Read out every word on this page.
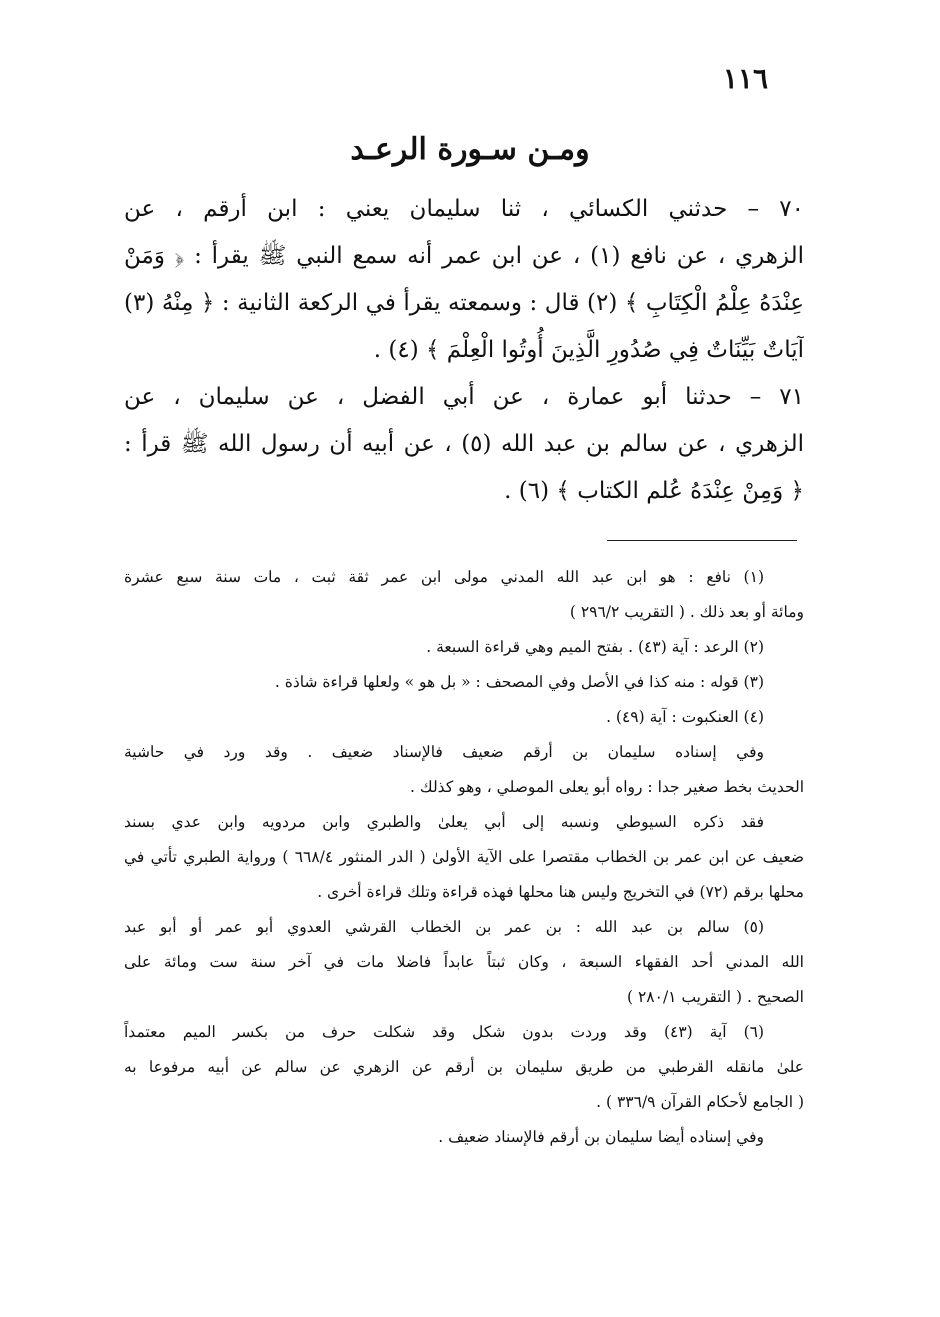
١١٦
ومـن سـورة الرعـد
٧٠ – حدثني الكسائي ، ثنا سليمان يعني : ابن أرقم ، عن
الزهري ، عن نافع (١) ، عن ابن عمر أنه سمع النبي ﷺ يقرأ : ﴿ وَمَنْ
عِنْدَهُ عِلْمُ الْكِتَابِ ﴾ (٢) قال : وسمعته يقرأ في الركعة الثانية : ﴿ مِنْهُ (٣)
آيَاتٌ بَيِّنَاتٌ فِي صُدُورِ الَّذِينَ أُوتُوا الْعِلْمَ ﴾ (٤) .
٧١ – حدثنا أبو عمارة ، عن أبي الفضل ، عن سليمان ، عن
الزهري ، عن سالم بن عبد الله (٥) ، عن أبيه أن رسول الله ﷺ قرأ :
﴿ وَمِنْ عِنْدَهُ عُلم الكتاب ﴾ (٦) .
(١) نافع : هو ابن عبد الله المدني مولى ابن عمر ثقة ثبت ، مات سنة سبع عشرة
ومائة أو بعد ذلك . ( التقريب ٢٩٦/٢ )
(٢) الرعد : آية (٤٣) . بفتح الميم وهي قراءة السبعة .
(٣) قوله : منه كذا في الأصل وفي المصحف : « بل هو » ولعلها قراءة شاذة .
(٤) العنكبوت : آية (٤٩) .
وفي إسناده سليمان بن أرقم ضعيف فالإسناد ضعيف . وقد ورد في حاشية
الحديث بخط صغير جدا : رواه أبو يعلى الموصلي ، وهو كذلك .
فقد ذكره السيوطي ونسبه إلى أبي يعلىٰ والطبري وابن مردويه وابن عدي بسند
ضعيف عن ابن عمر بن الخطاب مقتصرا على الآية الأولىٰ ( الدر المنثور ٦٦٨/٤ ) ورواية الطبري تأتي في
محلها برقم (٧٢) في التخريج وليس هنا محلها فهذه قراءة وتلك قراءة أخرى .
(٥) سالم بن عبد الله : بن عمر بن الخطاب القرشي العدوي أبو عمر أو أبو عبد
الله المدني أحد الفقهاء السبعة ، وكان ثبتاً عابداً فاضلا مات في آخر سنة ست ومائة على
الصحيح . ( التقريب ٢٨٠/١ )
(٦) آية (٤٣) وقد وردت بدون شكل وقد شكلت حرف من بكسر الميم معتمداً
علىٰ مانقله القرطبي من طريق سليمان بن أرقم عن الزهري عن سالم عن أبيه مرفوعا به
( الجامع لأحكام القرآن ٣٣٦/٩ ) .
وفي إسناده أيضا سليمان بن أرقم فالإسناد ضعيف .
